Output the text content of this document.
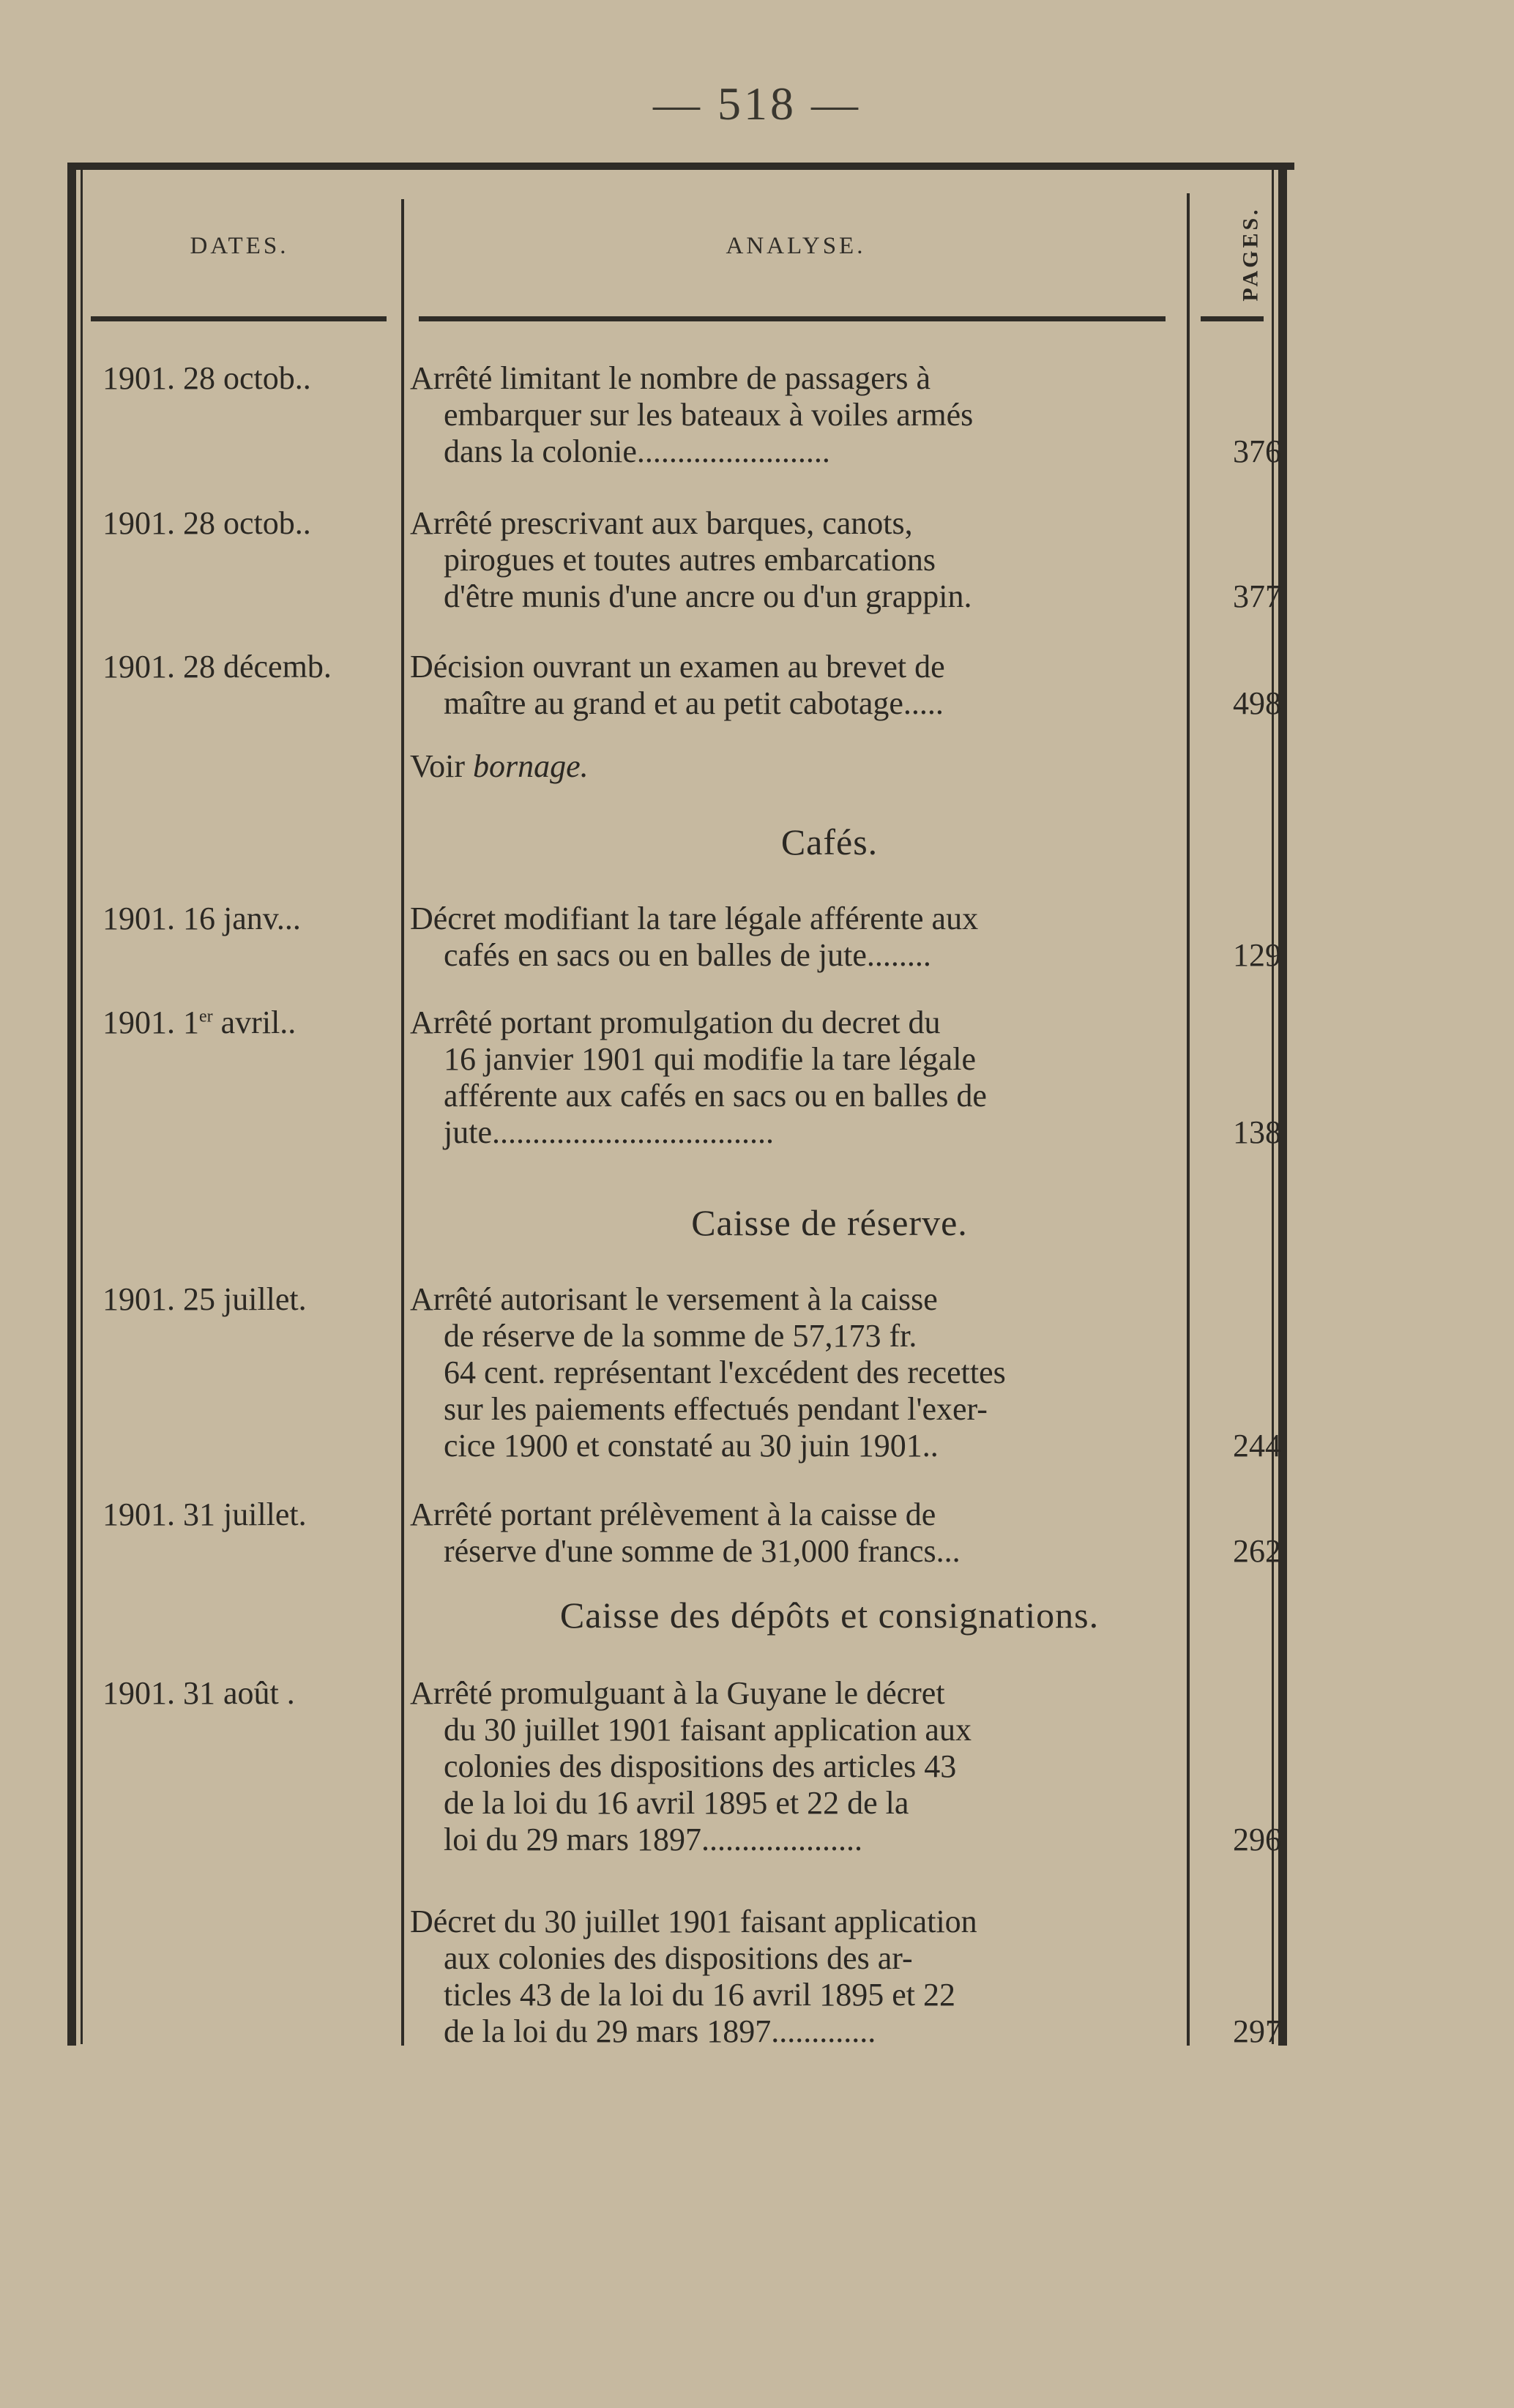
— 518 —
DATES.	ANALYSE.	PAGES.
1901. 28 octob..	Arrêté limitant le nombre de passagers à
embarquer sur les bateaux à voiles armés
dans la colonie........................	376
1901. 28 octob..	Arrêté prescrivant aux barques, canots,
pirogues et toutes autres embarcations
d'être munis d'une ancre ou d'un grappin.	377
1901. 28 décemb.	Décision ouvrant un examen au brevet de
maître au grand et au petit cabotage.....	498
Voir bornage.
Cafés.
1901. 16 janv...	Décret modifiant la tare légale afférente aux
cafés en sacs ou en balles de jute........	129
1901. 1er avril..	Arrêté portant promulgation du decret du
16 janvier 1901 qui modifie la tare légale
afférente aux cafés en sacs ou en balles de
jute...................................	138
Caisse de réserve.
1901. 25 juillet.	Arrêté autorisant le versement à la caisse
de réserve de la somme de 57,173 fr.
64 cent. représentant l'excédent des recettes
sur les paiements effectués pendant l'exer-
cice 1900 et constaté au 30 juin 1901..	244
1901. 31 juillet.	Arrêté portant prélèvement à la caisse de
réserve d'une somme de 31,000 francs...	262
Caisse des dépôts et consignations.
1901. 31 août .	Arrêté promulguant à la Guyane le décret
du 30 juillet 1901 faisant application aux
colonies des dispositions des articles 43
de la loi du 16 avril 1895 et 22 de la
loi du 29 mars 1897....................	296
Décret du 30 juillet 1901 faisant application
aux colonies des dispositions des ar-
ticles 43 de la loi du 16 avril 1895 et 22
de la loi du 29 mars 1897.............	297
